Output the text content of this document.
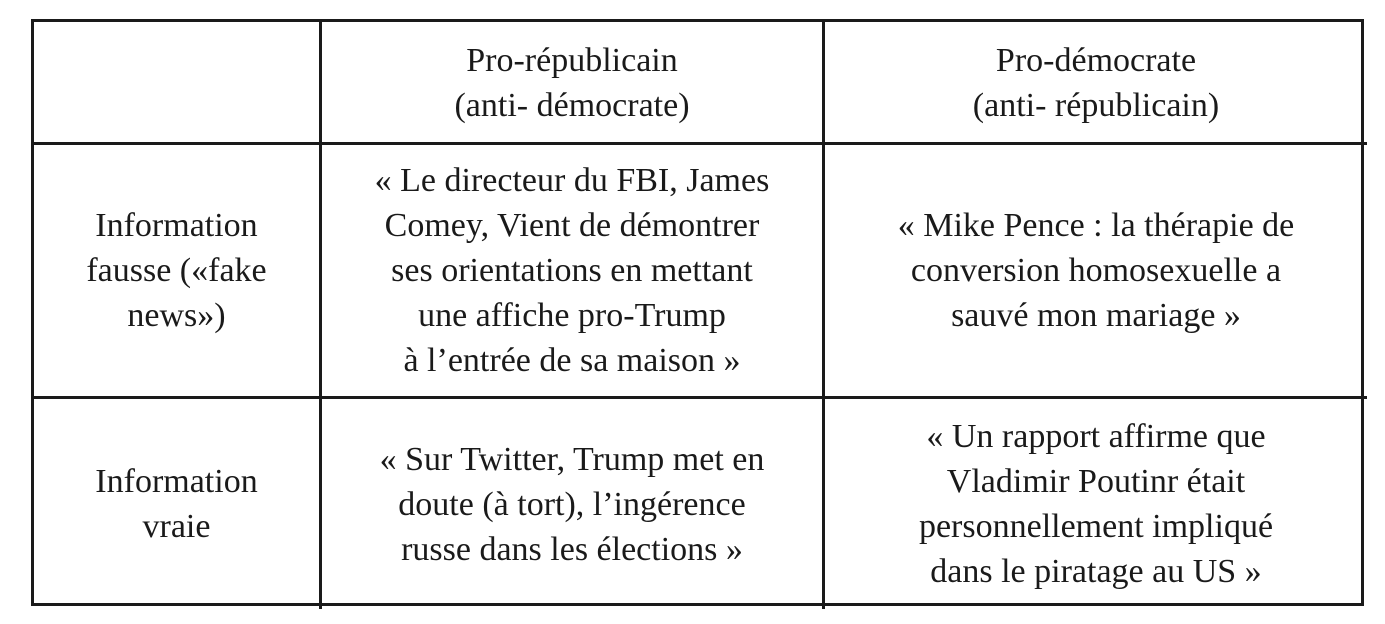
Pro-républicain
(anti- démocrate)
Pro-démocrate
(anti- républicain)
Information
fausse («fake
news»)
« Le directeur du FBI, James
Comey, Vient de démontrer
ses orientations en mettant
une affiche pro-Trump
à l’entrée de sa maison »
« Mike Pence : la thérapie de
conversion homosexuelle a
sauvé mon mariage »
Information
vraie
« Sur Twitter, Trump met en
doute (à tort), l’ingérence
russe dans les élections »
« Un rapport affirme que
Vladimir Poutinr était
personnellement impliqué
dans le piratage au US »
